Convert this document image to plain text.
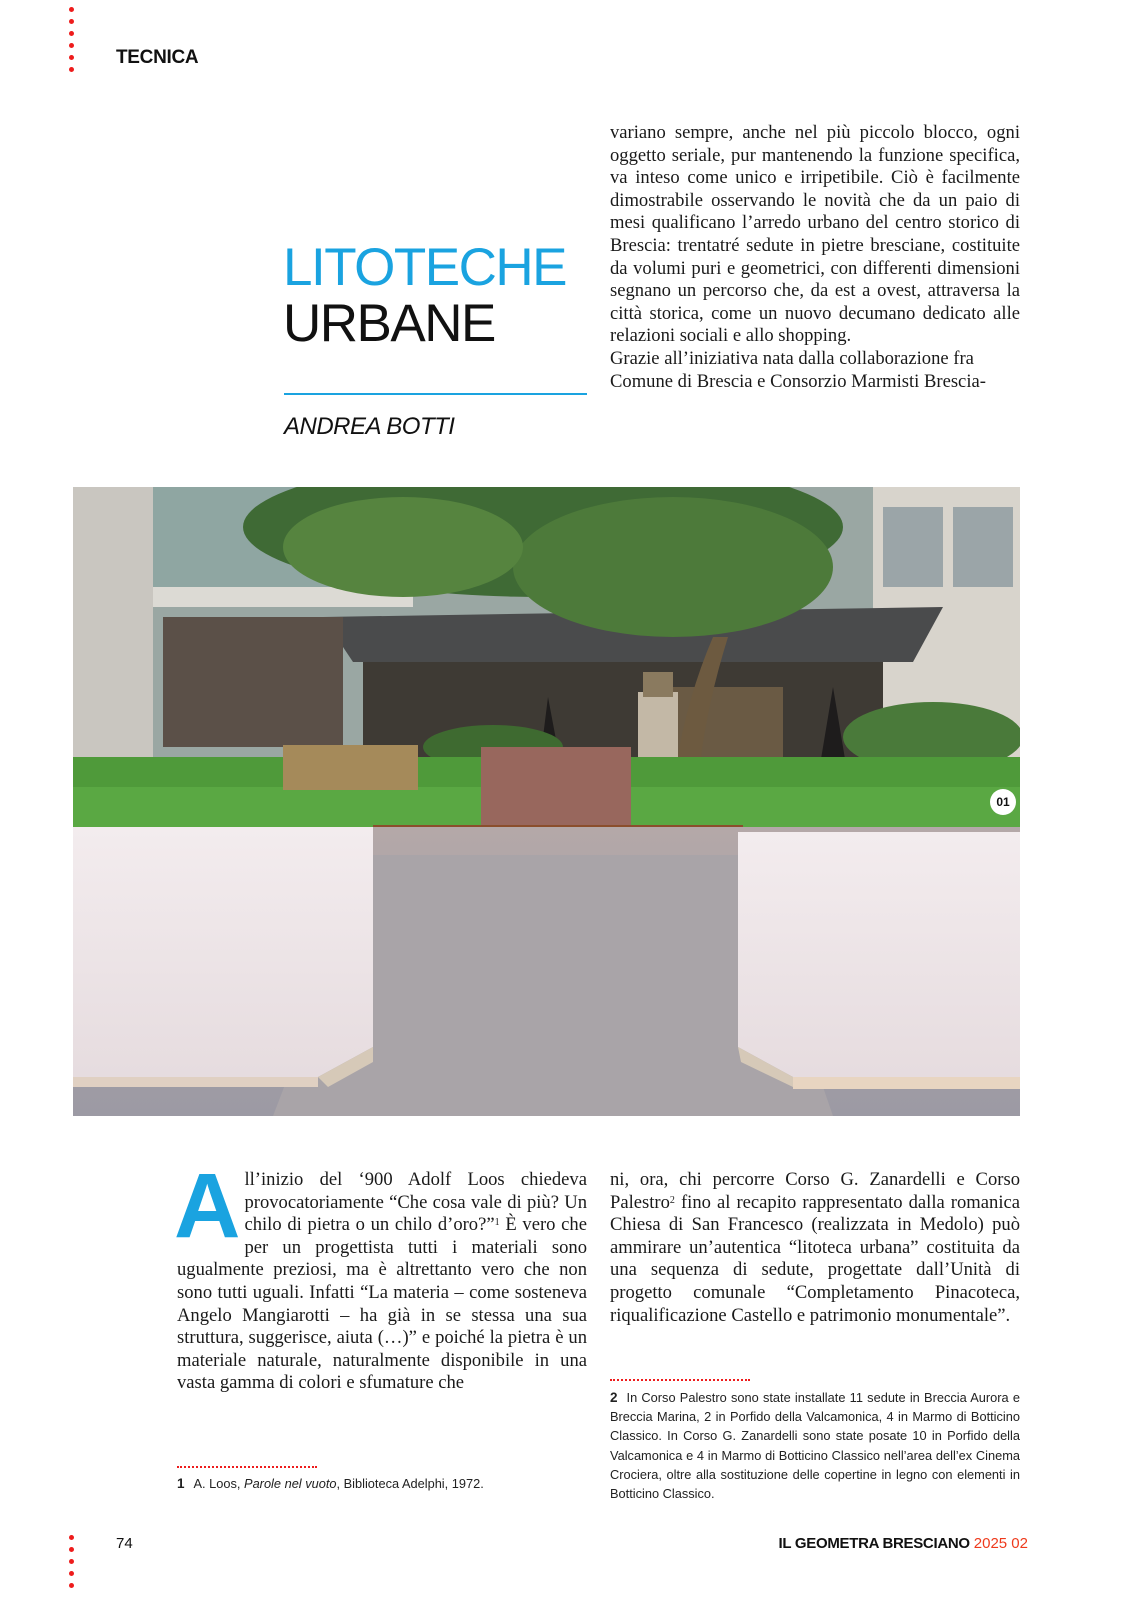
TECNICA
LITOTECHE
URBANE
ANDREA BOTTI

variano sempre, anche nel più piccolo blocco, ogni oggetto seriale, pur mantenendo la funzione specifica, va inteso come unico e irripetibile. Ciò è facilmente dimostrabile osservando le novità che da un paio di mesi qualificano l’arredo urbano del centro storico di Brescia: trentatré sedute in pietre bresciane, costituite da volumi puri e geometrici, con differenti dimensioni segnano un percorso che, da est a ovest, attraversa la città storica, come un nuovo decumano dedicato alle relazioni sociali e allo shopping.

Grazie all’iniziativa nata dalla collaborazione fra Comune di Brescia e Consorzio Marmisti Brescia-

01

All’inizio del ‘900 Adolf Loos chiedeva provocatoriamente “Che cosa vale di più? Un chilo di pietra o un chilo d’oro?”$^1$ È vero che per un progettista tutti i materiali sono ugualmente preziosi, ma è altrettanto vero che non sono tutti uguali. Infatti “La materia – come sosteneva Angelo Mangiarotti – ha già in se stessa una sua struttura, suggerisce, aiuta (…)” e poiché la pietra è un materiale naturale, naturalmente disponibile in una vasta gamma di colori e sfumature che

ni, ora, chi percorre Corso G. Zanardelli e Corso Palestro$^2$ fino al recapito rappresentato dalla romanica Chiesa di San Francesco (realizzata in Medolo) può ammirare un’autentica “litoteca urbana” costituita da una sequenza di sedute, progettate dall’Unità di progetto comunale “Completamento Pinacoteca, riqualificazione Castello e patrimonio monumentale”.

1 A. Loos, Parole nel vuoto, Biblioteca Adelphi, 1972.
2 In Corso Palestro sono state installate 11 sedute in Breccia Aurora e Breccia Marina, 2 in Porfido della Valcamonica, 4 in Marmo di Botticino Classico. In Corso G. Zanardelli sono state posate 10 in Porfido della Valcamonica e 4 in Marmo di Botticino Classico nell’area dell’ex Cinema Crociera, oltre alla sostituzione delle copertine in legno con elementi in Botticino Classico.
74	IL GEOMETRA BRESCIANO 2025 02
